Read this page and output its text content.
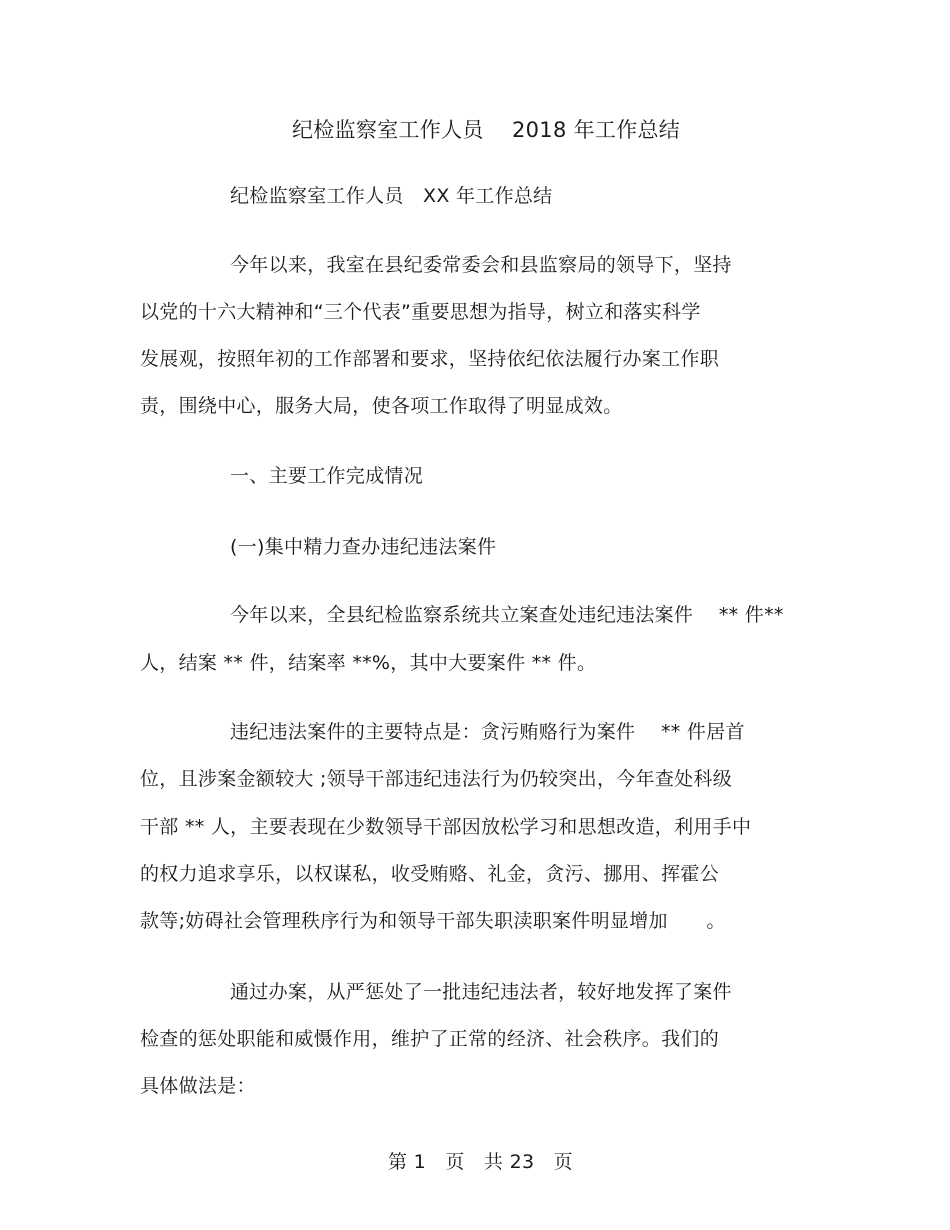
纪检监察室工作人员　 2018 年工作总结
纪检监察室工作人员　XX 年工作总结
今年以来，我室在县纪委常委会和县监察局的领导下，坚持
以党的十六大精神和“三个代表”重要思想为指导，树立和落实科学
发展观，按照年初的工作部署和要求，坚持依纪依法履行办案工作职
责，围绕中心，服务大局，使各项工作取得了明显成效。
一、主要工作完成情况
(一)集中精力查办违纪违法案件
今年以来，全县纪检监察系统共立案查处违纪违法案件　 ** 件**
人，结案 ** 件，结案率 **%，其中大要案件 ** 件。
违纪违法案件的主要特点是：贪污贿赂行为案件　 ** 件居首
位，且涉案金额较大 ;领导干部违纪违法行为仍较突出，今年查处科级
干部 ** 人，主要表现在少数领导干部因放松学习和思想改造，利用手中
的权力追求享乐，以权谋私，收受贿赂、礼金，贪污、挪用、挥霍公
款等;妨碍社会管理秩序行为和领导干部失职渎职案件明显增加　　。
通过办案，从严惩处了一批违纪违法者，较好地发挥了案件
检查的惩处职能和威慑作用，维护了正常的经济、社会秩序。我们的
具体做法是：
第 1　页　共 23　页
